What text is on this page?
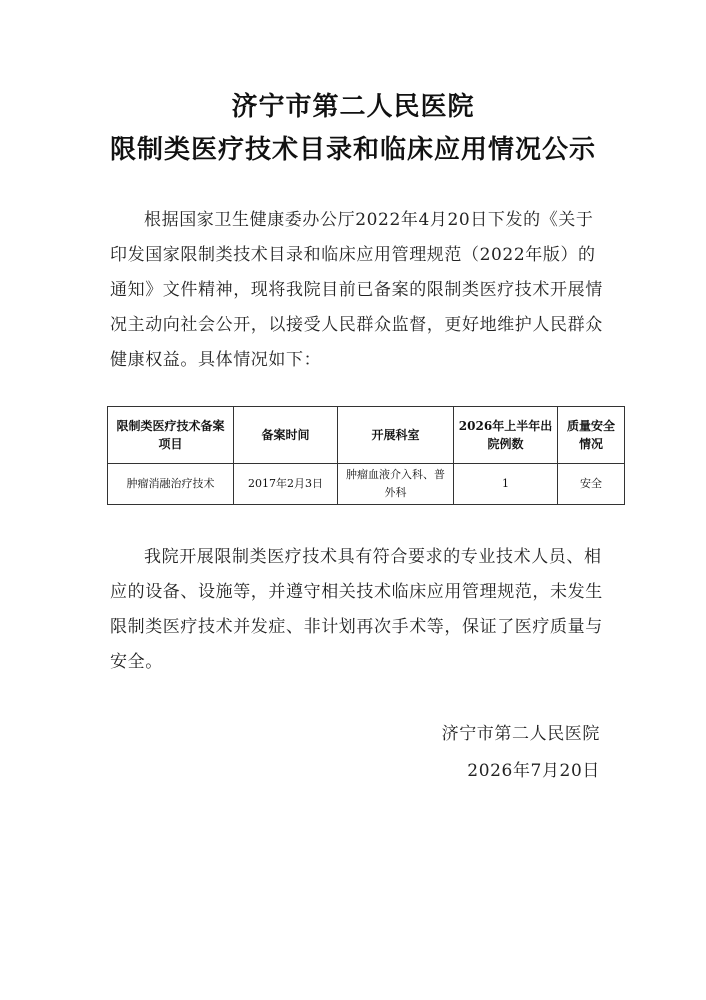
济宁市第二人民医院
限制类医疗技术目录和临床应用情况公示

根据国家卫生健康委办公厅2022年4月20日下发的《关于印发国家限制类技术目录和临床应用管理规范（2022年版）的通知》文件精神，现将我院目前已备案的限制类医疗技术开展情况主动向社会公开，以接受人民群众监督，更好地维护人民群众健康权益。具体情况如下：

限制类医疗技术备案项目	备案时间	开展科室	2026年上半年出院例数	质量安全情况
肿瘤消融治疗技术	2017年2月3日	肿瘤血液介入科、普外科	1	安全

我院开展限制类医疗技术具有符合要求的专业技术人员、相应的设备、设施等，并遵守相关技术临床应用管理规范，未发生限制类医疗技术并发症、非计划再次手术等，保证了医疗质量与安全。

济宁市第二人民医院
2026年7月20日
